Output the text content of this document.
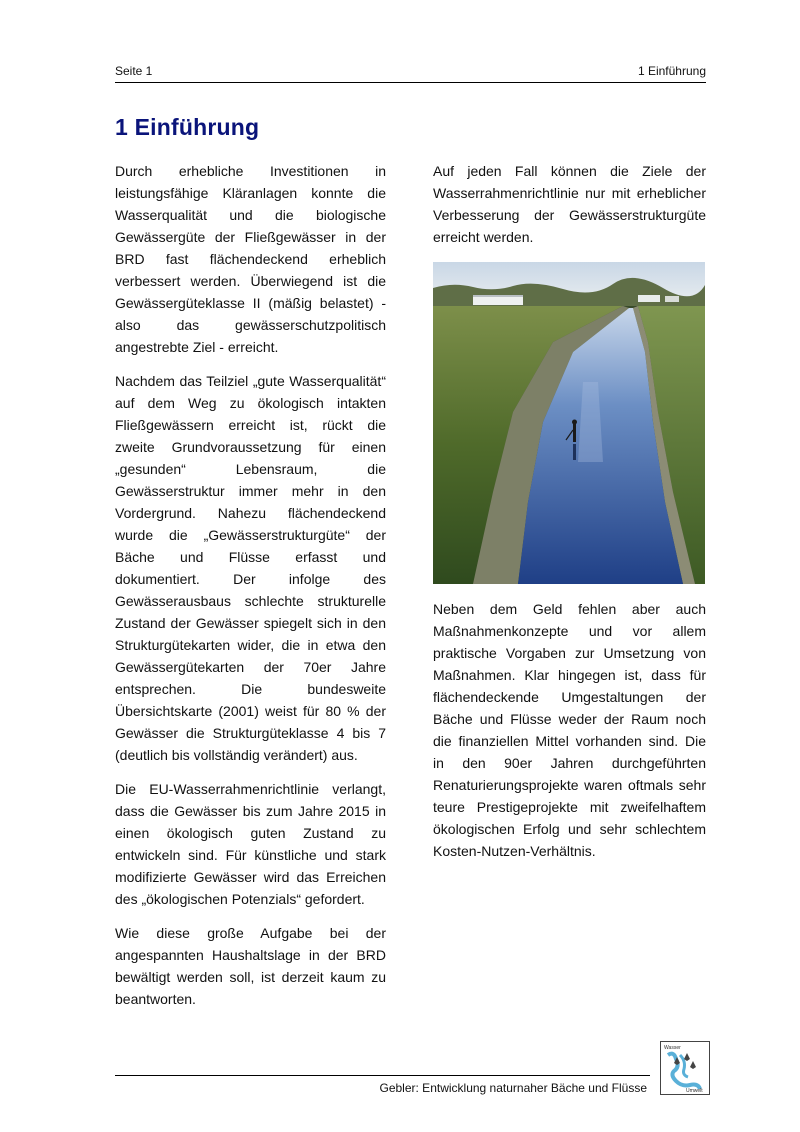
Seite 1	1 Einführung
1 Einführung

Durch erhebliche Investitionen in leistungsfähige Kläranlagen konnte die Wasserqualität und die biologische Gewässergüte der Fließgewässer in der BRD fast flächendeckend erheblich verbessert werden. Überwiegend ist die Gewässergüteklasse II (mäßig belastet) - also das gewässerschutzpolitisch angestrebte Ziel - erreicht.

Nachdem das Teilziel „gute Wasserqualität“ auf dem Weg zu ökologisch intakten Fließgewässern erreicht ist, rückt die zweite Grundvoraussetzung für einen „gesunden“ Lebensraum, die Gewässerstruktur immer mehr in den Vordergrund. Nahezu flächendeckend wurde die „Gewässerstrukturgüte“ der Bäche und Flüsse erfasst und dokumentiert. Der infolge des Gewässerausbaus schlechte strukturelle Zustand der Gewässer spiegelt sich in den Strukturgütekarten wider, die in etwa den Gewässergütekarten der 70er Jahre entsprechen. Die bundesweite Übersichtskarte (2001) weist für 80 % der Gewässer die Strukturgüteklasse 4 bis 7 (deutlich bis vollständig verändert) aus.

Die EU-Wasserrahmenrichtlinie verlangt, dass die Gewässer bis zum Jahre 2015 in einen ökologisch guten Zustand zu entwickeln sind. Für künstliche und stark modifizierte Gewässer wird das Erreichen des „ökologischen Potenzials“ gefordert.

Wie diese große Aufgabe bei der angespannten Haushaltslage in der BRD bewältigt werden soll, ist derzeit kaum zu beantworten.

Auf jeden Fall können die Ziele der Wasserrahmenrichtlinie nur mit erheblicher Verbesserung der Gewässerstrukturgüte erreicht werden.

Neben dem Geld fehlen aber auch Maßnahmenkonzepte und vor allem praktische Vorgaben zur Umsetzung von Maßnahmen. Klar hingegen ist, dass für flächendeckende Umgestaltungen der Bäche und Flüsse weder der Raum noch die finanziellen Mittel vorhanden sind. Die in den 90er Jahren durchgeführten Renaturierungsprojekte waren oftmals sehr teure Prestigeprojekte mit zweifelhaftem ökologischen Erfolg und sehr schlechtem Kosten-Nutzen-Verhältnis.

Gebler: Entwicklung naturnaher Bäche und Flüsse
Wasser
Umwelt
